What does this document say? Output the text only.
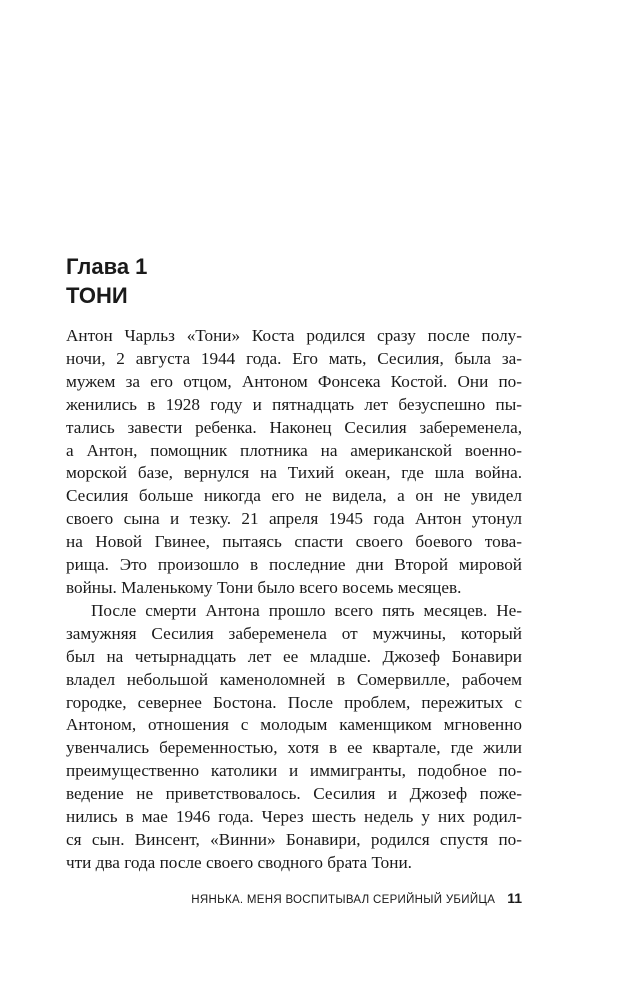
Глава 1
ТОНИ
Антон Чарльз «Тони» Коста родился сразу после полу-
ночи, 2 августа 1944 года. Его мать, Сесилия, была за-
мужем за его отцом, Антоном Фонсека Костой. Они по-
женились в 1928 году и пятнадцать лет безуспешно пы-
тались завести ребенка. Наконец Сесилия забеременела,
а Антон, помощник плотника на американской военно-
морской базе, вернулся на Тихий океан, где шла война.
Сесилия больше никогда его не видела, а он не увидел
своего сына и тезку. 21 апреля 1945 года Антон утонул
на Новой Гвинее, пытаясь спасти своего боевого това-
рища. Это произошло в последние дни Второй мировой
войны. Маленькому Тони было всего восемь месяцев.
После смерти Антона прошло всего пять месяцев. Не-
замужняя Сесилия забеременела от мужчины, который
был на четырнадцать лет ее младше. Джозеф Бонавири
владел небольшой каменоломней в Сомервилле, рабочем
городке, севернее Бостона. После проблем, пережитых с
Антоном, отношения с молодым каменщиком мгновенно
увенчались беременностью, хотя в ее квартале, где жили
преимущественно католики и иммигранты, подобное по-
ведение не приветствовалось. Сесилия и Джозеф поже-
нились в мае 1946 года. Через шесть недель у них родил-
ся сын. Винсент, «Винни» Бонавири, родился спустя по-
чти два года после своего сводного брата Тони.
НЯНЬКА. МЕНЯ ВОСПИТЫВАЛ СЕРИЙНЫЙ УБИЙЦА 11
